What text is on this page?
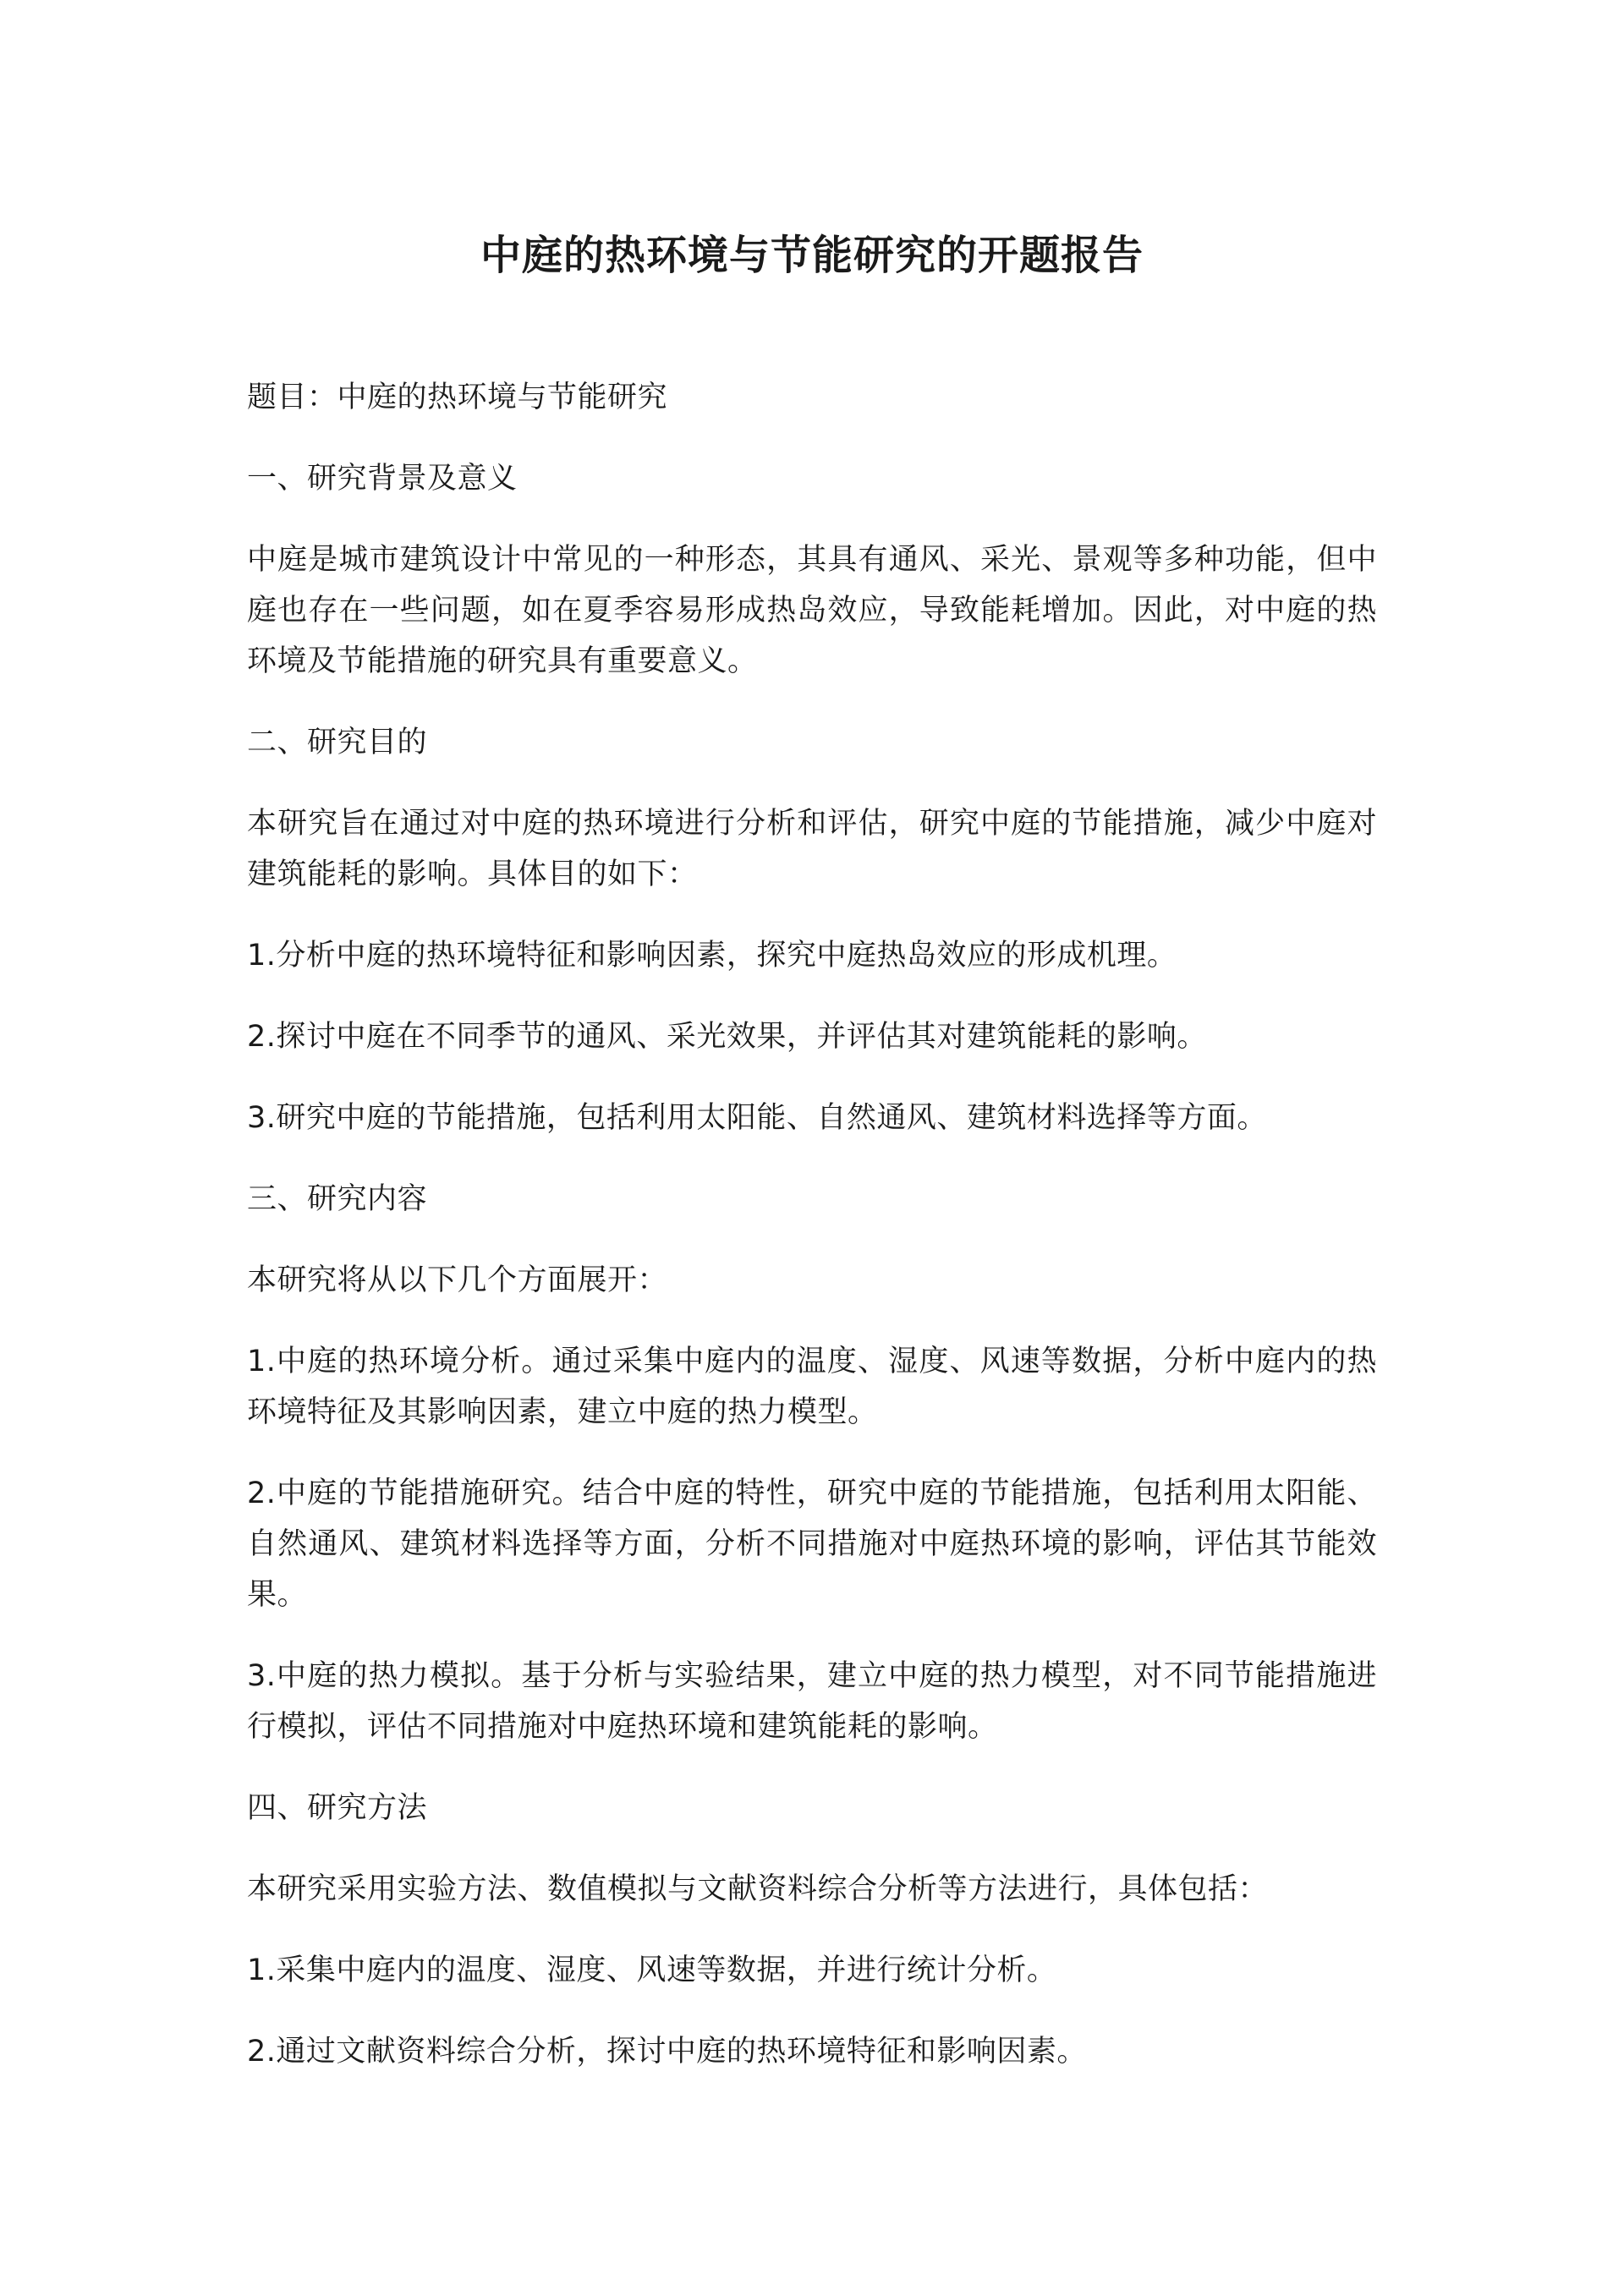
中庭的热环境与节能研究的开题报告

题目：中庭的热环境与节能研究

一、研究背景及意义

中庭是城市建筑设计中常见的一种形态，其具有通风、采光、景观等多种功能，但中庭也存在一些问题，如在夏季容易形成热岛效应，导致能耗增加。因此，对中庭的热环境及节能措施的研究具有重要意义。

二、研究目的

本研究旨在通过对中庭的热环境进行分析和评估，研究中庭的节能措施，减少中庭对建筑能耗的影响。具体目的如下：

1.分析中庭的热环境特征和影响因素，探究中庭热岛效应的形成机理。

2.探讨中庭在不同季节的通风、采光效果，并评估其对建筑能耗的影响。

3.研究中庭的节能措施，包括利用太阳能、自然通风、建筑材料选择等方面。

三、研究内容

本研究将从以下几个方面展开：

1.中庭的热环境分析。通过采集中庭内的温度、湿度、风速等数据，分析中庭内的热环境特征及其影响因素，建立中庭的热力模型。

2.中庭的节能措施研究。结合中庭的特性，研究中庭的节能措施，包括利用太阳能、自然通风、建筑材料选择等方面，分析不同措施对中庭热环境的影响，评估其节能效果。

3.中庭的热力模拟。基于分析与实验结果，建立中庭的热力模型，对不同节能措施进行模拟，评估不同措施对中庭热环境和建筑能耗的影响。

四、研究方法

本研究采用实验方法、数值模拟与文献资料综合分析等方法进行，具体包括：

1.采集中庭内的温度、湿度、风速等数据，并进行统计分析。

2.通过文献资料综合分析，探讨中庭的热环境特征和影响因素。
